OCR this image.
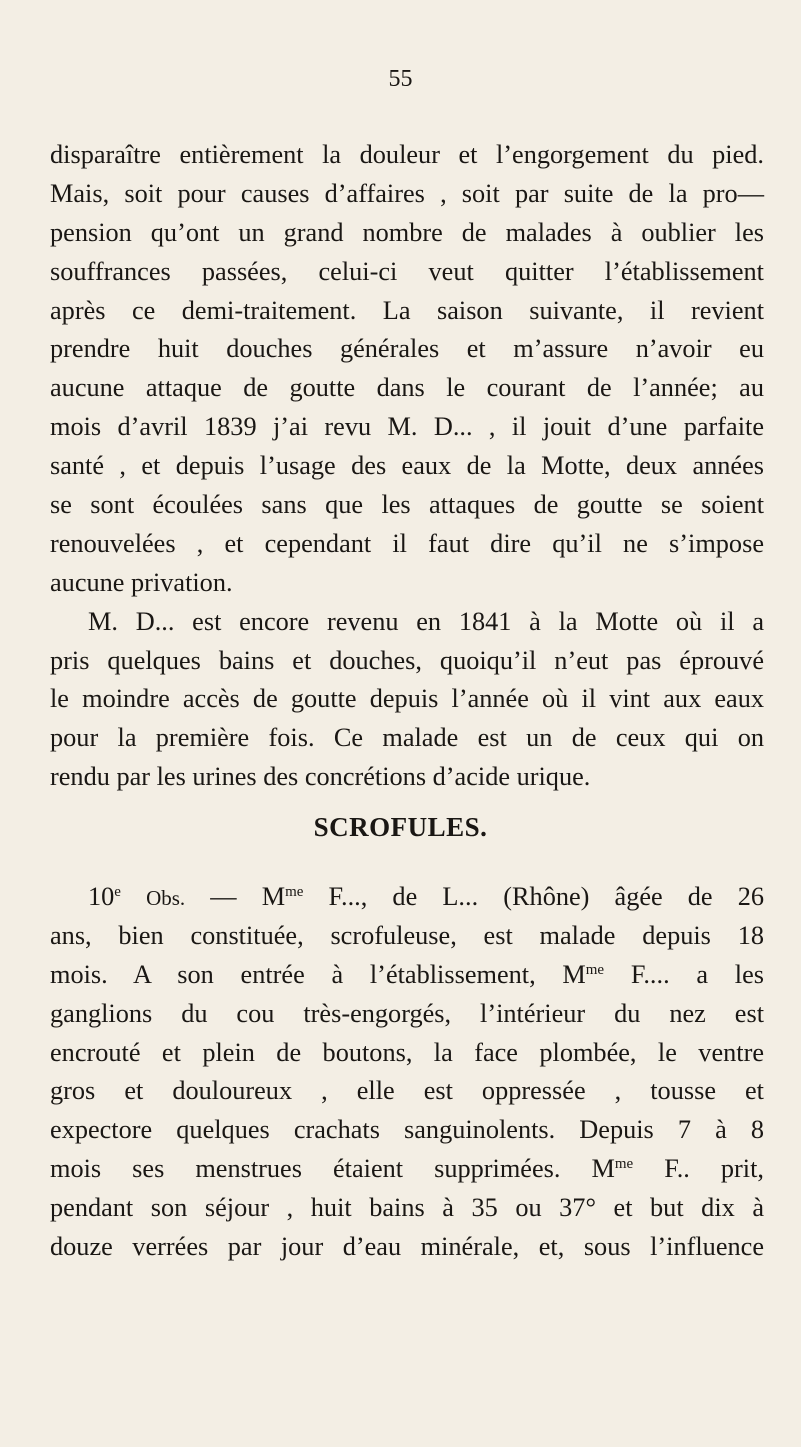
55
disparaître entièrement la douleur et l’engorgement du pied.
Mais, soit pour causes d’affaires , soit par suite de la pro—
pension qu’ont un grand nombre de malades à oublier les
souffrances passées, celui-ci veut quitter l’établissement
après ce demi-traitement. La saison suivante, il revient
prendre huit douches générales et m’assure n’avoir eu
aucune attaque de goutte dans le courant de l’année; au
mois d’avril 1839 j’ai revu M. D... , il jouit d’une parfaite
santé , et depuis l’usage des eaux de la Motte, deux années
se sont écoulées sans que les attaques de goutte se soient
renouvelées , et cependant il faut dire qu’il ne s’impose
aucune privation.
M. D... est encore revenu en 1841 à la Motte où il a
pris quelques bains et douches, quoiqu’il n’eut pas éprouvé
le moindre accès de goutte depuis l’année où il vint aux eaux
pour la première fois. Ce malade est un de ceux qui on
rendu par les urines des concrétions d’acide urique.
SCROFULES.
10e Obs. — $M^{me}$ F..., de L... (Rhône) âgée de 26
ans, bien constituée, scrofuleuse, est malade depuis 18
mois. A son entrée à l’établissement, $M^{me}$ F.... a les
ganglions du cou très-engorgés, l’intérieur du nez est
encrouté et plein de boutons, la face plombée, le ventre
gros et douloureux , elle est oppressée , tousse et
expectore quelques crachats sanguinolents. Depuis 7 à 8
mois ses menstrues étaient supprimées. $M^{me}$ F.. prit,
pendant son séjour , huit bains à 35 ou 37° et but dix à
douze verrées par jour d’eau minérale, et, sous l’influence
